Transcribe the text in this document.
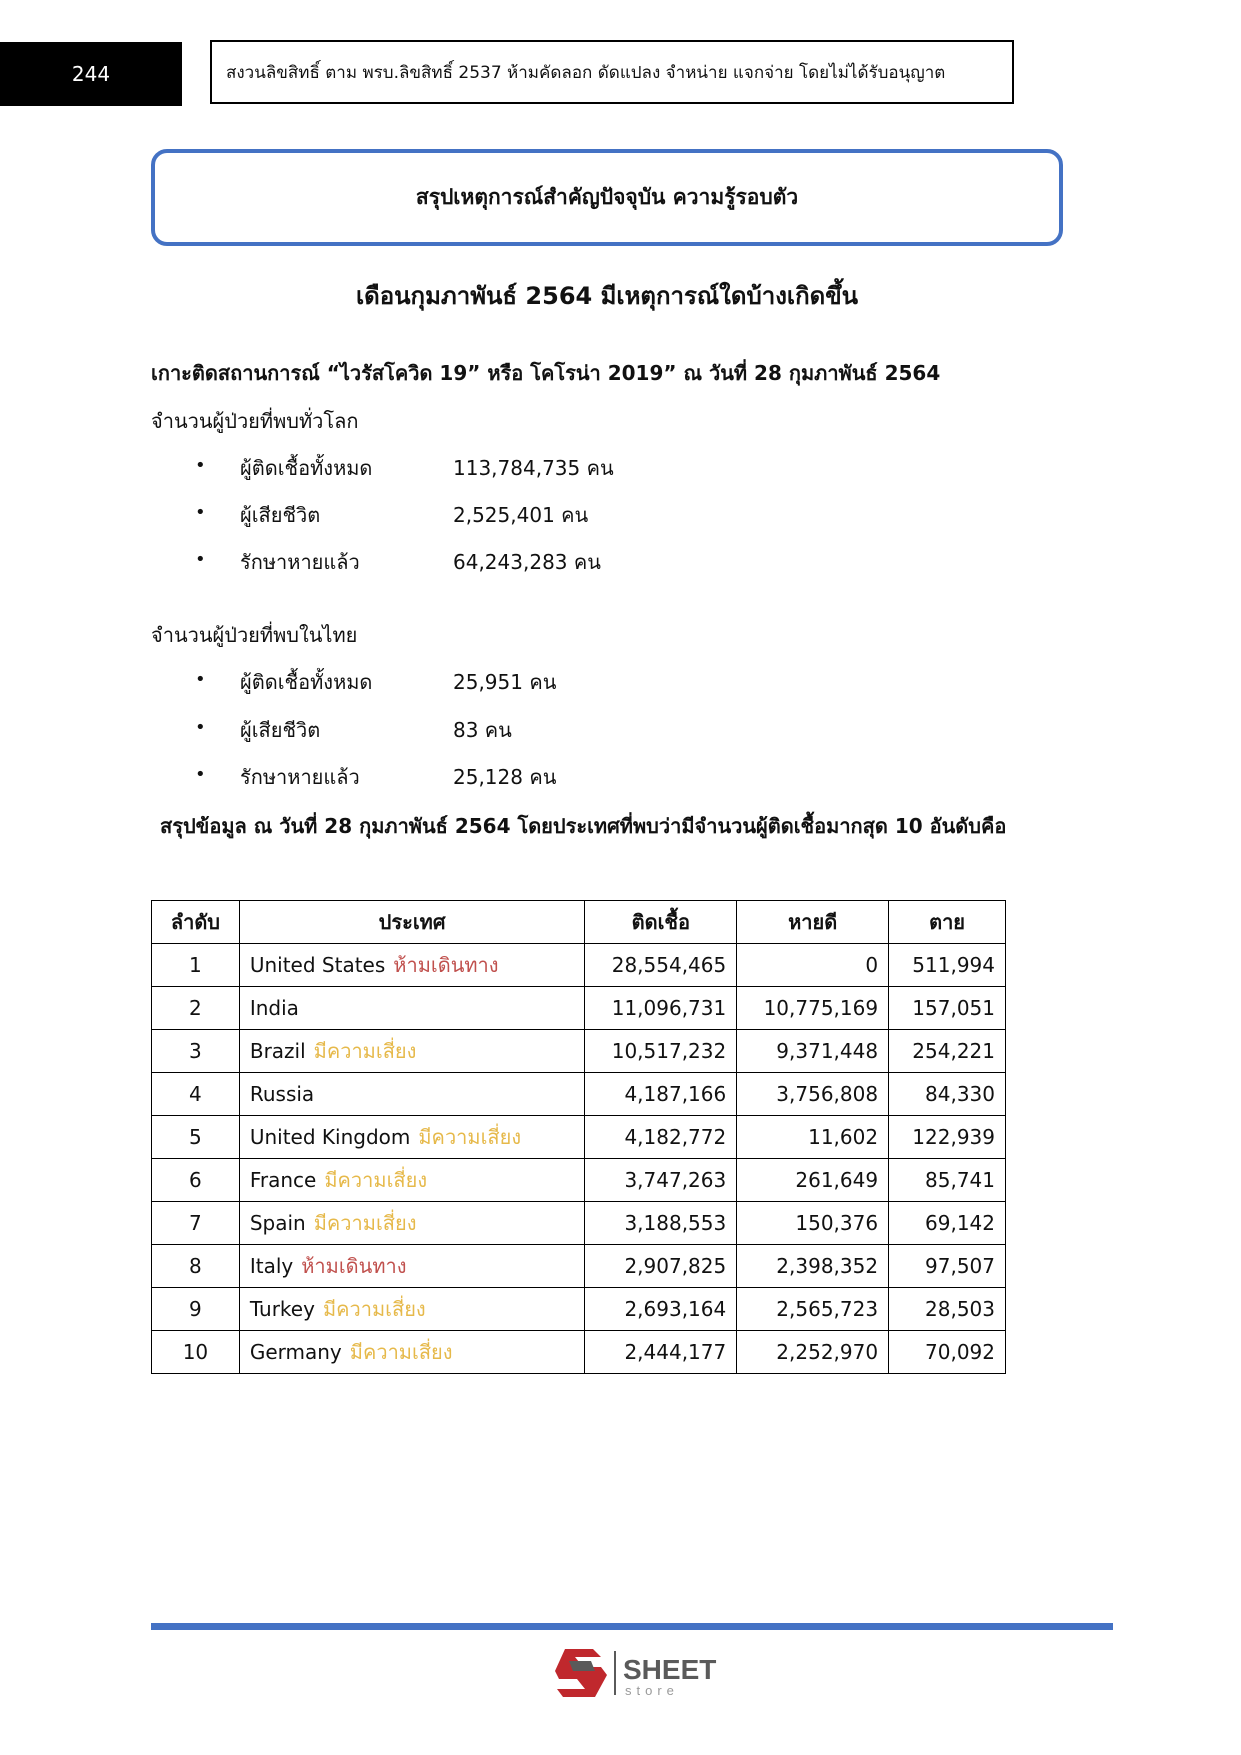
244	สงวนลิขสิทธิ์ ตาม พรบ.ลิขสิทธิ์ 2537 ห้ามคัดลอก ดัดแปลง จำหน่าย แจกจ่าย โดยไม่ได้รับอนุญาต
สรุปเหตุการณ์สำคัญปัจจุบัน ความรู้รอบตัว
เดือนกุมภาพันธ์ 2564 มีเหตุการณ์ใดบ้างเกิดขึ้น
เกาะติดสถานการณ์ “ไวรัสโควิด 19” หรือ โคโรน่า 2019” ณ วันที่ 28 กุมภาพันธ์ 2564
จำนวนผู้ป่วยที่พบทั่วโลก
• ผู้ติดเชื้อทั้งหมด	113,784,735 คน
• ผู้เสียชีวิต	2,525,401 คน
• รักษาหายแล้ว	64,243,283 คน
จำนวนผู้ป่วยที่พบในไทย
• ผู้ติดเชื้อทั้งหมด	25,951 คน
• ผู้เสียชีวิต	83 คน
• รักษาหายแล้ว	25,128 คน
สรุปข้อมูล ณ วันที่ 28 กุมภาพันธ์ 2564 โดยประเทศที่พบว่ามีจำนวนผู้ติดเชื้อมากสุด 10 อันดับคือ
ลำดับ	ประเทศ	ติดเชื้อ	หายดี	ตาย
1	United States ห้ามเดินทาง	28,554,465	0	511,994
2	India	11,096,731	10,775,169	157,051
3	Brazil มีความเสี่ยง	10,517,232	9,371,448	254,221
4	Russia	4,187,166	3,756,808	84,330
5	United Kingdom มีความเสี่ยง	4,182,772	11,602	122,939
6	France มีความเสี่ยง	3,747,263	261,649	85,741
7	Spain มีความเสี่ยง	3,188,553	150,376	69,142
8	Italy ห้ามเดินทาง	2,907,825	2,398,352	97,507
9	Turkey มีความเสี่ยง	2,693,164	2,565,723	28,503
10	Germany มีความเสี่ยง	2,444,177	2,252,970	70,092
SHEET
store
